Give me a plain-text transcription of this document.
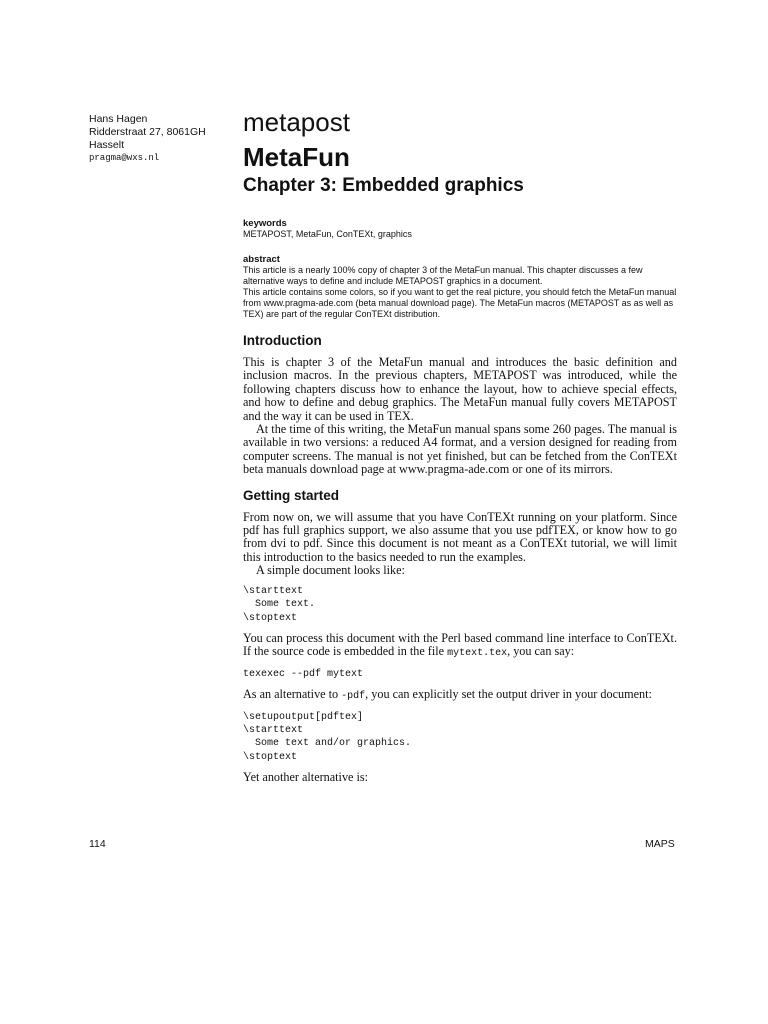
Hans Hagen
Ridderstraat 27, 8061GH
Hasselt
pragma@wxs.nl
metapost
MetaFun
Chapter 3: Embedded graphics

keywords

METAPOST, MetaFun, ConTEXt, graphics

abstract

This article is a nearly 100% copy of chapter 3 of the MetaFun manual. This chapter discusses a few alternative ways to define and include METAPOST graphics in a document.

This article contains some colors, so if you want to get the real picture, you should fetch the MetaFun manual from www.pragma-ade.com (beta manual download page). The MetaFun macros (METAPOST as as well as TEX) are part of the regular ConTEXt distribution.

Introduction

This is chapter 3 of the MetaFun manual and introduces the basic definition and inclusion macros. In the previous chapters, METAPOST was introduced, while the following chapters discuss how to enhance the layout, how to achieve special effects, and how to define and debug graphics. The MetaFun manual fully covers METAPOST and the way it can be used in TEX.

At the time of this writing, the MetaFun manual spans some 260 pages. The manual is available in two versions: a reduced A4 format, and a version designed for reading from computer screens. The manual is not yet finished, but can be fetched from the ConTEXt beta manuals download page at www.pragma-ade.com or one of its mirrors.

Getting started

From now on, we will assume that you have ConTEXt running on your platform. Since pdf has full graphics support, we also assume that you use pdfTEX, or know how to go from dvi to pdf. Since this document is not meant as a ConTEXt tutorial, we will limit this introduction to the basics needed to run the examples.

A simple document looks like:

\starttext
Some text.
\stoptext

You can process this document with the Perl based command line interface to ConTEXt. If the source code is embedded in the file mytext.tex, you can say:

texexec --pdf mytext

As an alternative to -pdf, you can explicitly set the output driver in your document:

\setupoutput[pdftex]
\starttext
Some text and/or graphics.
\stoptext

Yet another alternative is:

114	MAPS
